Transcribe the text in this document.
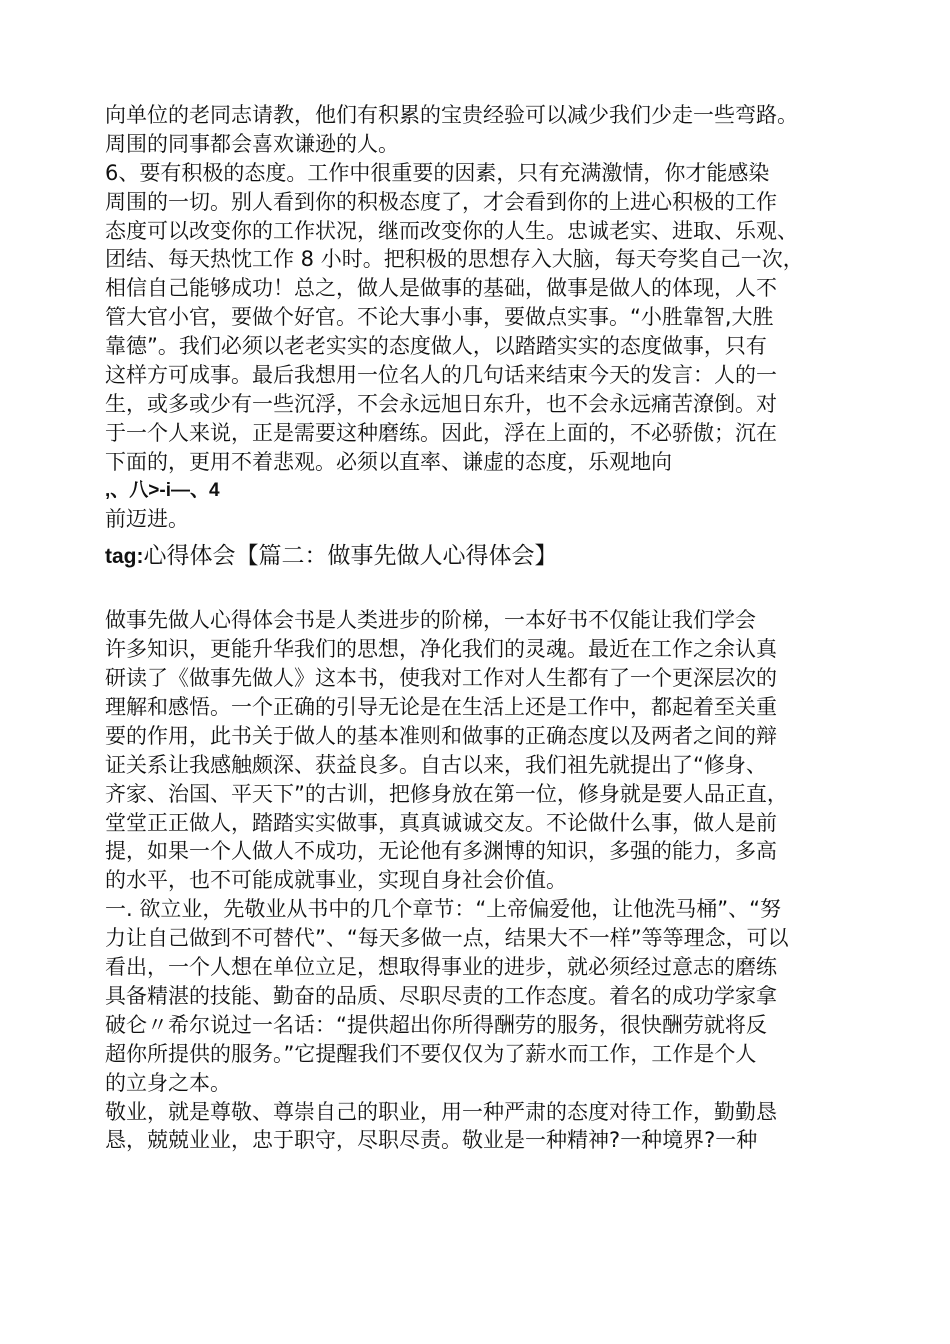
向单位的老同志请教，他们有积累的宝贵经验可以减少我们少走一些弯路。
周围的同事都会喜欢谦逊的人。
6、要有积极的态度。工作中很重要的因素，只有充满激情，你才能感染
周围的一切。别人看到你的积极态度了，才会看到你的上进心积极的工作
态度可以改变你的工作状况，继而改变你的人生。忠诚老实、进取、乐观、
团结、每天热忱工作 8 小时。把积极的思想存入大脑，每天夸奖自己一次，
相信自己能够成功！总之，做人是做事的基础，做事是做人的体现，人不
管大官小官，要做个好官。不论大事小事，要做点实事。“小胜靠智,大胜
靠德”。我们必须以老老实实的态度做人，以踏踏实实的态度做事，只有
这样方可成事。最后我想用一位名人的几句话来结束今天的发言：人的一
生，或多或少有一些沉浮，不会永远旭日东升，也不会永远痛苦潦倒。对
于一个人来说，正是需要这种磨练。因此，浮在上面的，不必骄傲；沉在
下面的，更用不着悲观。必须以直率、谦虚的态度，乐观地向
,、八>-i—、4
前迈进。
tag:心得体会【篇二：做事先做人心得体会】
做事先做人心得体会书是人类进步的阶梯，一本好书不仅能让我们学会
许多知识，更能升华我们的思想，净化我们的灵魂。最近在工作之余认真
研读了《做事先做人》这本书，使我对工作对人生都有了一个更深层次的
理解和感悟。一个正确的引导无论是在生活上还是工作中，都起着至关重
要的作用，此书关于做人的基本准则和做事的正确态度以及两者之间的辩
证关系让我感触颇深、获益良多。自古以来，我们祖先就提出了“修身、
齐家、治国、平天下”的古训，把修身放在第一位，修身就是要人品正直，
堂堂正正做人，踏踏实实做事，真真诚诚交友。不论做什么事，做人是前
提，如果一个人做人不成功，无论他有多渊博的知识，多强的能力，多高
的水平，也不可能成就事业，实现自身社会价值。
一. 欲立业，先敬业从书中的几个章节：“上帝偏爱他，让他洗马桶”、“努
力让自己做到不可替代”、“每天多做一点，结果大不一样”等等理念，可以
看出，一个人想在单位立足，想取得事业的进步，就必须经过意志的磨练
具备精湛的技能、勤奋的品质、尽职尽责的工作态度。着名的成功学家拿
破仑〃希尔说过一名话：“提供超出你所得酬劳的服务，很快酬劳就将反
超你所提供的服务。”它提醒我们不要仅仅为了薪水而工作，工作是个人
的立身之本。
敬业，就是尊敬、尊崇自己的职业，用一种严肃的态度对待工作，勤勤恳
恳，兢兢业业，忠于职守，尽职尽责。敬业是一种精神?一种境界?一种
